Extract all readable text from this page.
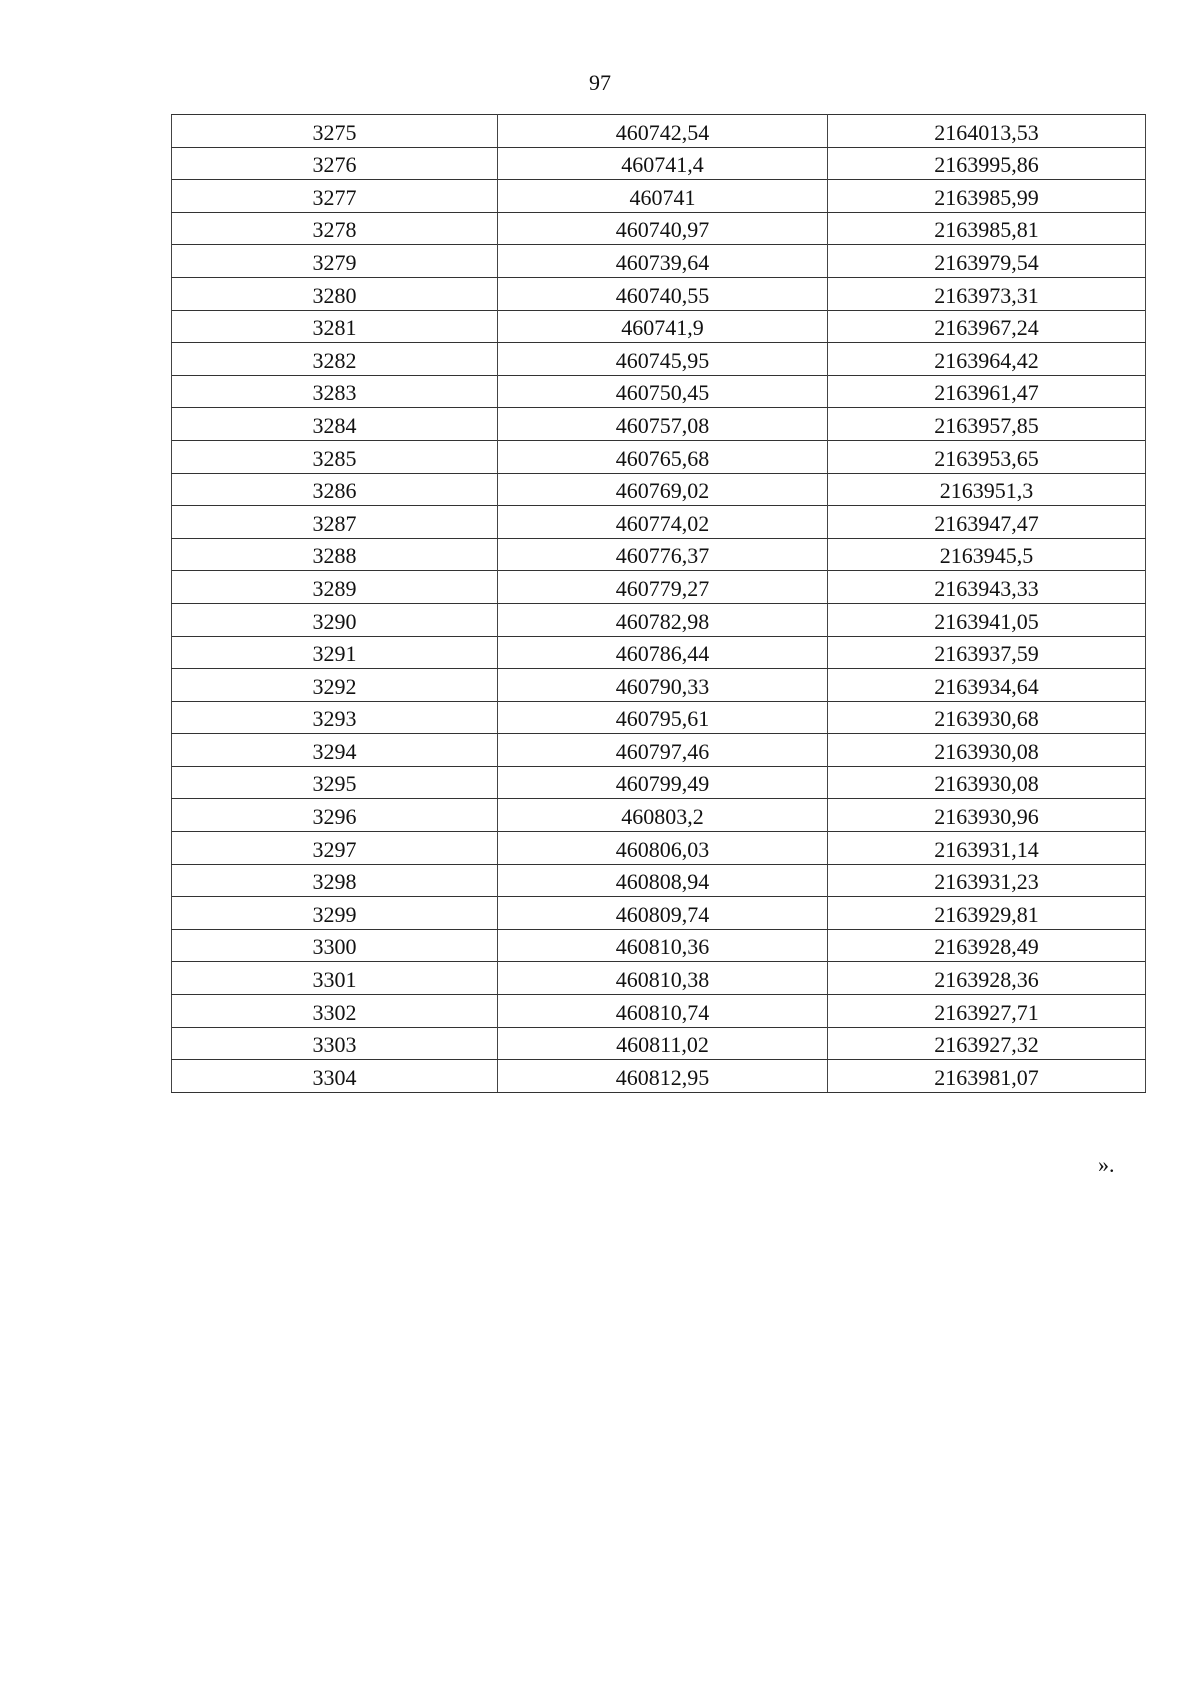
97
3275	460742,54	2164013,53
3276	460741,4	2163995,86
3277	460741	2163985,99
3278	460740,97	2163985,81
3279	460739,64	2163979,54
3280	460740,55	2163973,31
3281	460741,9	2163967,24
3282	460745,95	2163964,42
3283	460750,45	2163961,47
3284	460757,08	2163957,85
3285	460765,68	2163953,65
3286	460769,02	2163951,3
3287	460774,02	2163947,47
3288	460776,37	2163945,5
3289	460779,27	2163943,33
3290	460782,98	2163941,05
3291	460786,44	2163937,59
3292	460790,33	2163934,64
3293	460795,61	2163930,68
3294	460797,46	2163930,08
3295	460799,49	2163930,08
3296	460803,2	2163930,96
3297	460806,03	2163931,14
3298	460808,94	2163931,23
3299	460809,74	2163929,81
3300	460810,36	2163928,49
3301	460810,38	2163928,36
3302	460810,74	2163927,71
3303	460811,02	2163927,32
3304	460812,95	2163981,07
».
